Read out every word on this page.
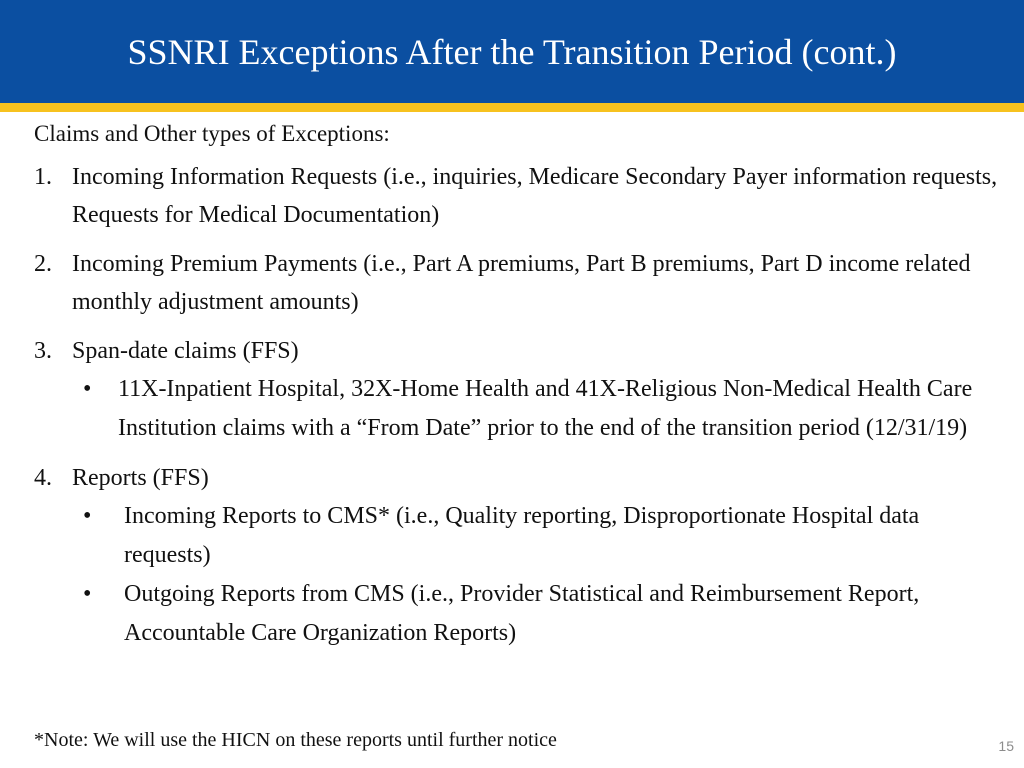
SSNRI Exceptions After the Transition Period (cont.)
Claims and Other types of Exceptions:
1. Incoming Information Requests (i.e., inquiries, Medicare Secondary Payer information requests, Requests for Medical Documentation)
2. Incoming Premium Payments (i.e., Part A premiums, Part B premiums, Part D income related monthly adjustment amounts)
3. Span-date claims (FFS)
• 11X-Inpatient Hospital, 32X-Home Health and 41X-Religious Non-Medical Health Care Institution claims with a “From Date” prior to the end of the transition period (12/31/19)
4. Reports (FFS)
• Incoming Reports to CMS* (i.e., Quality reporting, Disproportionate Hospital data requests)
• Outgoing Reports from CMS (i.e., Provider Statistical and Reimbursement Report, Accountable Care Organization Reports)
*Note: We will use the HICN on these reports until further notice	15
